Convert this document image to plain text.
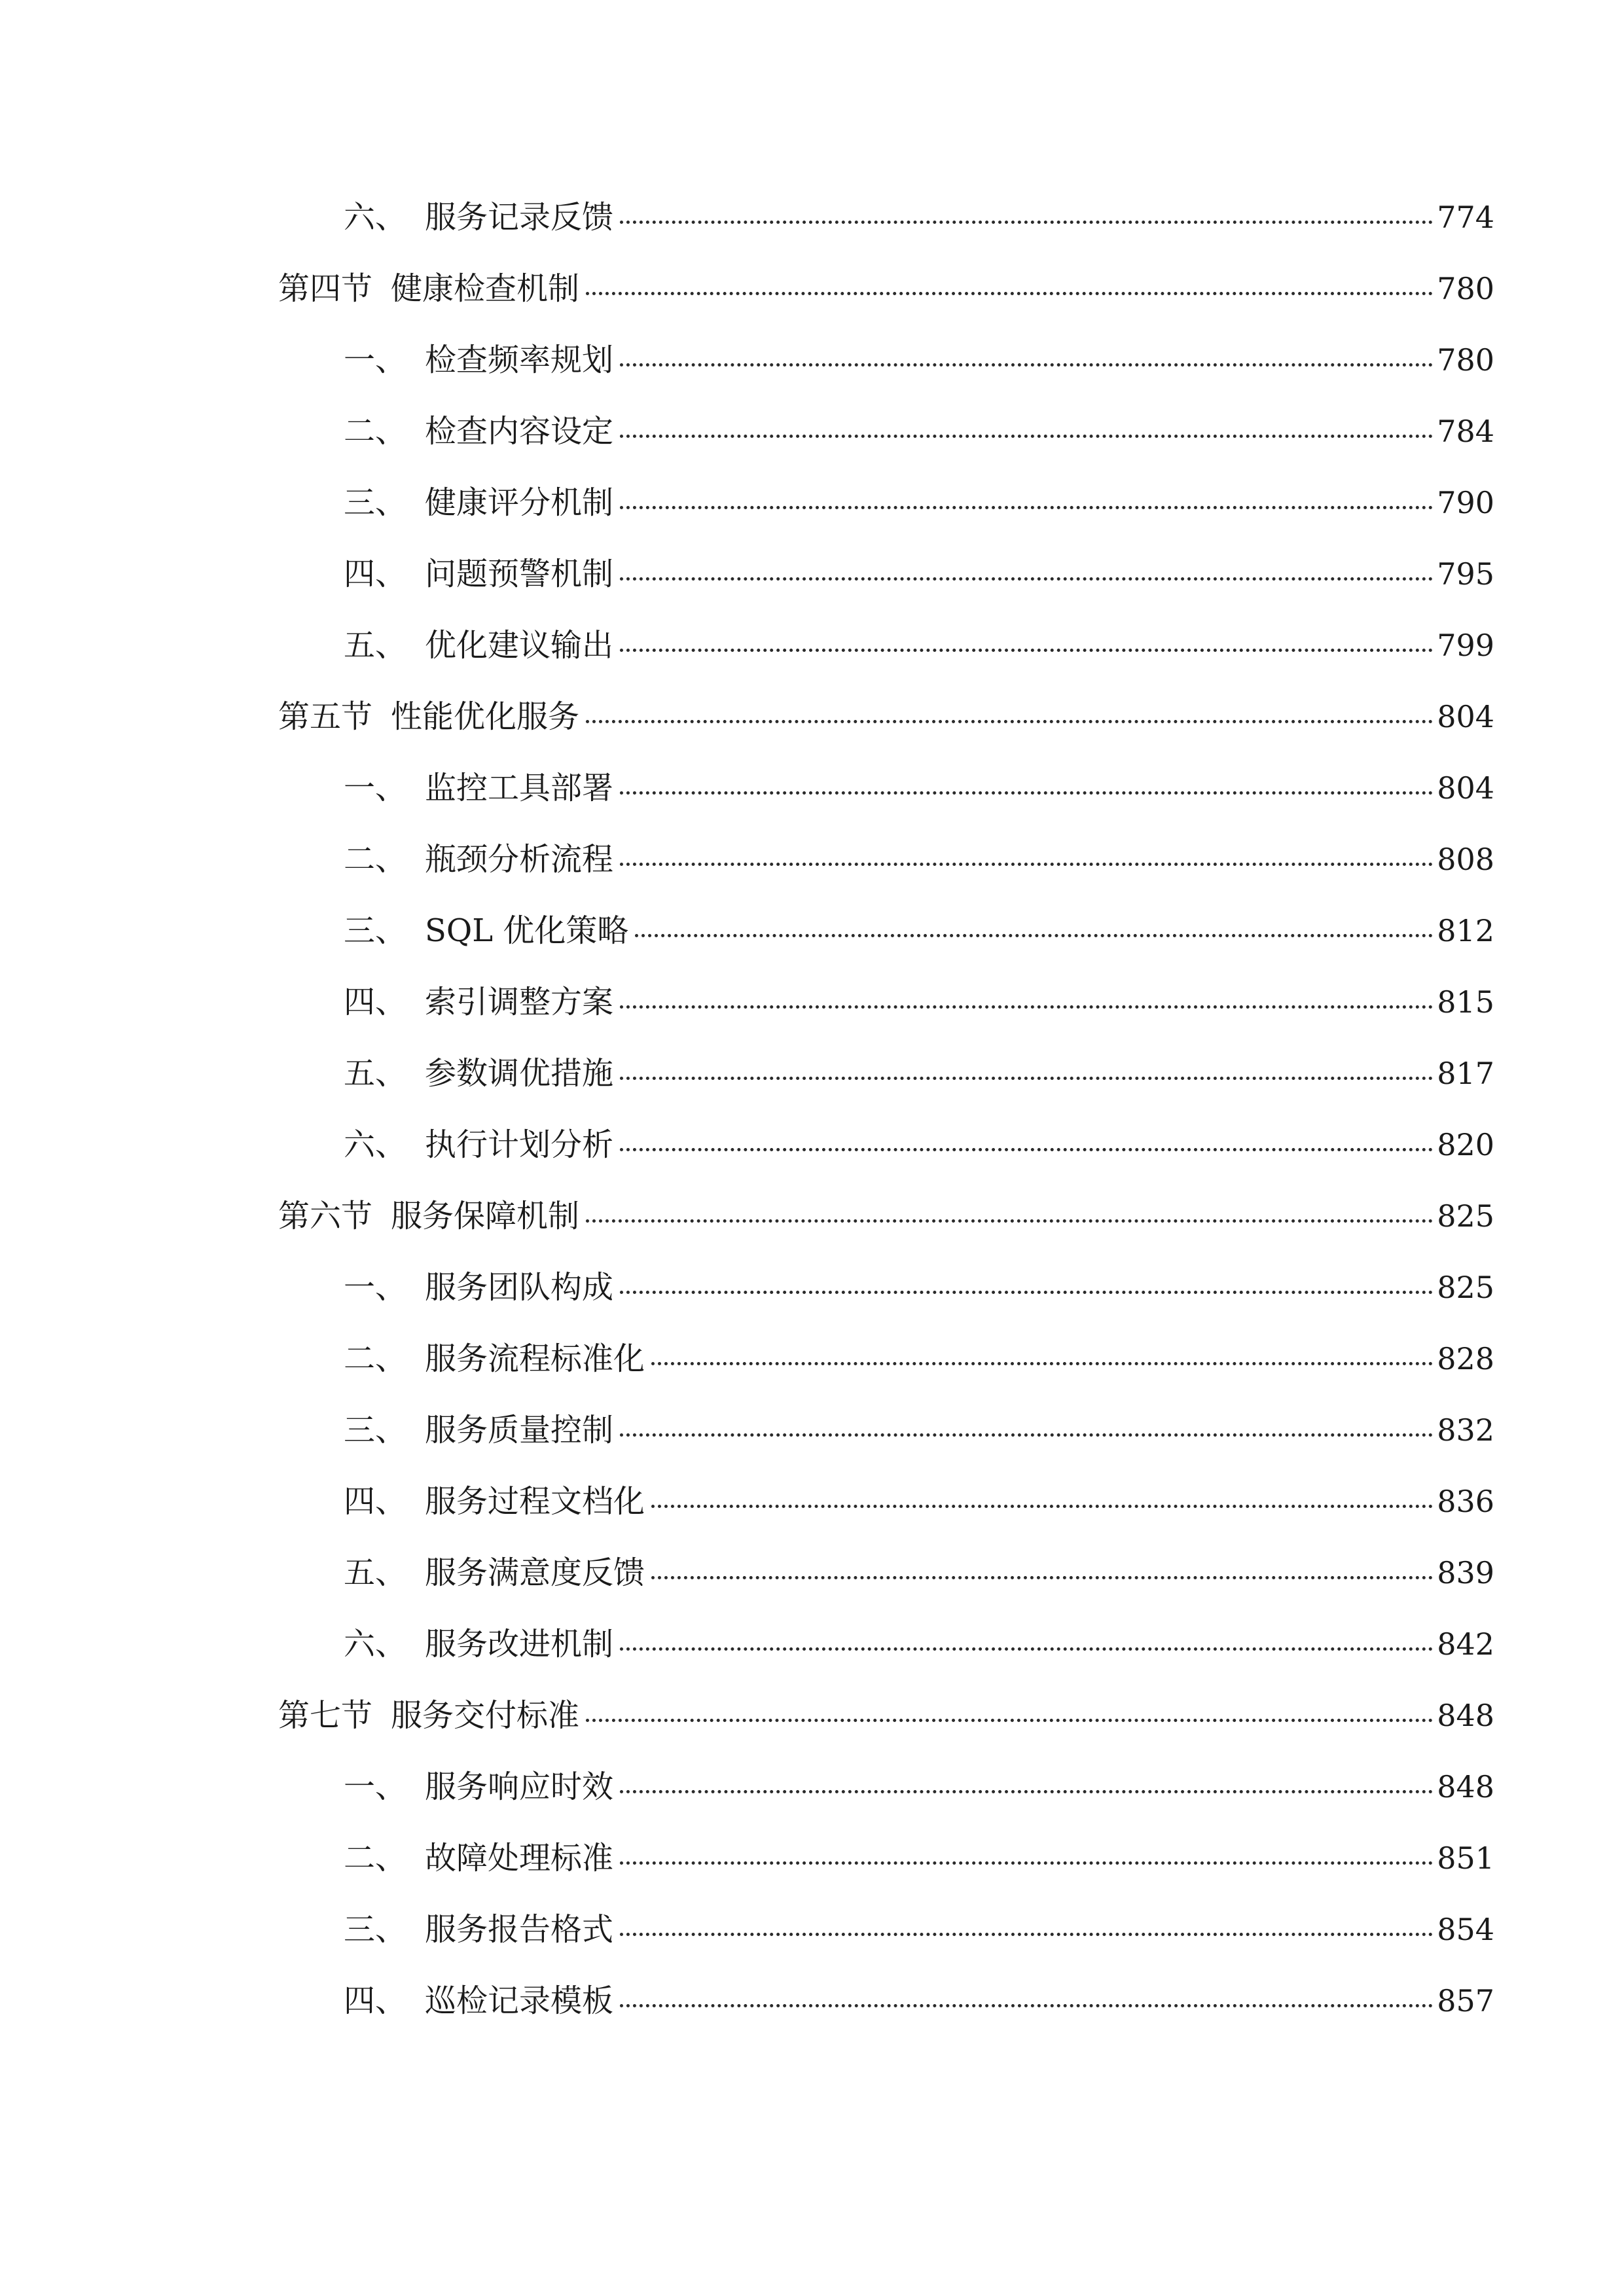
六、 服务记录反馈	774
第四节 健康检查机制	780
一、 检查频率规划	780
二、 检查内容设定	784
三、 健康评分机制	790
四、 问题预警机制	795
五、 优化建议输出	799
第五节 性能优化服务	804
一、 监控工具部署	804
二、 瓶颈分析流程	808
三、 SQL 优化策略	812
四、 索引调整方案	815
五、 参数调优措施	817
六、 执行计划分析	820
第六节 服务保障机制	825
一、 服务团队构成	825
二、 服务流程标准化	828
三、 服务质量控制	832
四、 服务过程文档化	836
五、 服务满意度反馈	839
六、 服务改进机制	842
第七节 服务交付标准	848
一、 服务响应时效	848
二、 故障处理标准	851
三、 服务报告格式	854
四、 巡检记录模板	857
